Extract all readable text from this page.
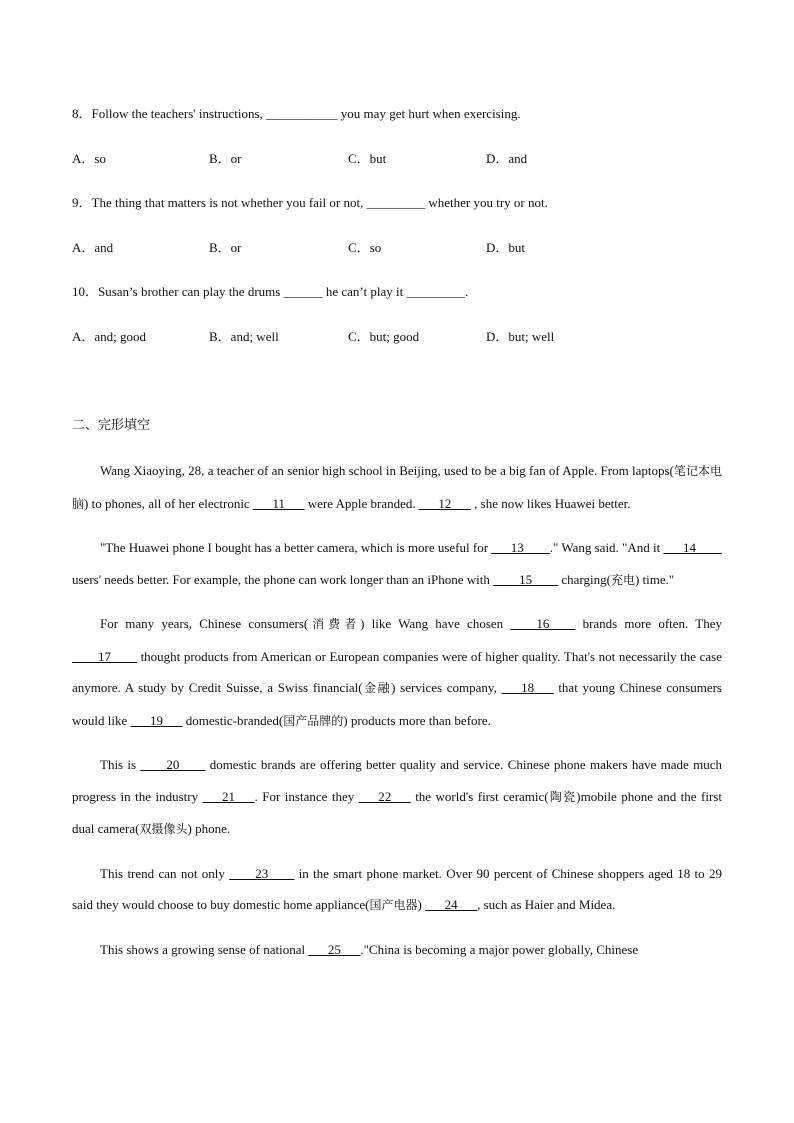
8．Follow the teachers' instructions, ___________ you may get hurt when exercising.
A．so	B．or	C．but	D．and
9．The thing that matters is not whether you fail or not, _________ whether you try or not.
A．and	B．or	C．so	D．but
10．Susan’s brother can play the drums ______ he can’t play it _________.
A．and; good	B．and; well	C．but; good	D．but; well
二、完形填空

Wang Xiaoying, 28, a teacher of an senior high school in Beijing, used to be a big fan of Apple. From laptops(笔记本电脑) to phones, all of her electronic ___11___ were Apple branded. ___12___ , she now likes Huawei better.

"The Huawei phone I bought has a better camera, which is more useful for ___13____." Wang said. "And it ___14____ users' needs better. For example, the phone can work longer than an iPhone with ____15____ charging(充电) time."

For many years, Chinese consumers(消费者) like Wang have chosen ____16____ brands more often. They ____17____ thought products from American or European companies were of higher quality. That's not necessarily the case anymore. A study by Credit Suisse, a Swiss financial(金融) services company, ___18___ that young Chinese consumers would like ___19___ domestic-branded(国产品牌的) products more than before.

This is ____20____ domestic brands are offering better quality and service. Chinese phone makers have made much progress in the industry ___21___. For instance they ___22___ the world's first ceramic(陶瓷)mobile phone and the first dual camera(双摄像头) phone.

This trend can not only ____23____ in the smart phone market. Over 90 percent of Chinese shoppers aged 18 to 29 said they would choose to buy domestic home appliance(国产电器) ___24___, such as Haier and Midea.

This shows a growing sense of national ___25___."China is becoming a major power globally, Chinese
